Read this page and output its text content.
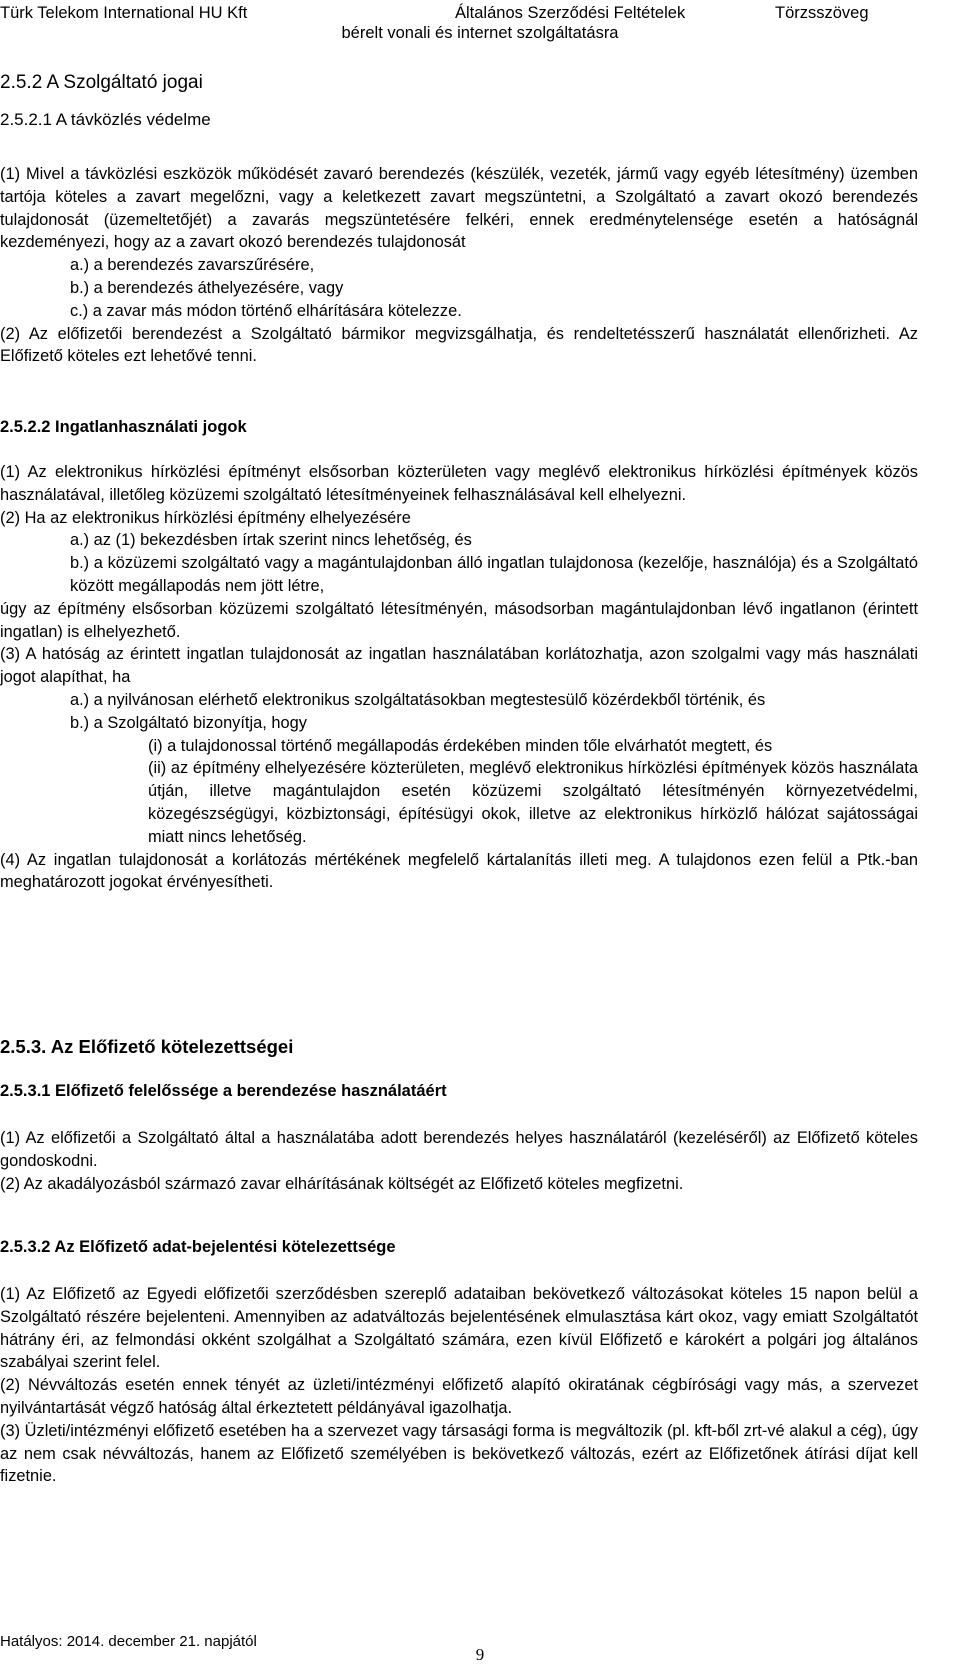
Türk Telekom International HU Kft	Általános Szerződési Feltételek	Törzsszöveg
bérelt vonali és internet szolgáltatásra
2.5.2 A Szolgáltató jogai
2.5.2.1 A távközlés védelme

(1) Mivel a távközlési eszközök működését zavaró berendezés (készülék, vezeték, jármű vagy egyéb létesítmény) üzemben tartója köteles a zavart megelőzni, vagy a keletkezett zavart megszüntetni, a Szolgáltató a zavart okozó berendezés tulajdonosát (üzemeltetőjét) a zavarás megszüntetésére felkéri, ennek eredménytelensége esetén a hatóságnál kezdeményezi, hogy az a zavart okozó berendezés tulajdonosát

a.) a berendezés zavarszűrésére,

b.) a berendezés áthelyezésére, vagy

c.) a zavar más módon történő elhárítására kötelezze.

(2) Az előfizetői berendezést a Szolgáltató bármikor megvizsgálhatja, és rendeltetésszerű használatát ellenőrizheti. Az Előfizető köteles ezt lehetővé tenni.

2.5.2.2 Ingatlanhasználati jogok

(1) Az elektronikus hírközlési építményt elsősorban közterületen vagy meglévő elektronikus hírközlési építmények közös használatával, illetőleg közüzemi szolgáltató létesítményeinek felhasználásával kell elhelyezni.

(2) Ha az elektronikus hírközlési építmény elhelyezésére

a.) az (1) bekezdésben írtak szerint nincs lehetőség, és

b.) a közüzemi szolgáltató vagy a magántulajdonban álló ingatlan tulajdonosa (kezelője, használója) és a Szolgáltató között megállapodás nem jött létre,

úgy az építmény elsősorban közüzemi szolgáltató létesítményén, másodsorban magántulajdonban lévő ingatlanon (érintett ingatlan) is elhelyezhető.

(3) A hatóság az érintett ingatlan tulajdonosát az ingatlan használatában korlátozhatja, azon szolgalmi vagy más használati jogot alapíthat, ha

a.) a nyilvánosan elérhető elektronikus szolgáltatásokban megtestesülő közérdekből történik, és

b.) a Szolgáltató bizonyítja, hogy

(i) a tulajdonossal történő megállapodás érdekében minden tőle elvárhatót megtett, és

(ii) az építmény elhelyezésére közterületen, meglévő elektronikus hírközlési építmények közös használata útján, illetve magántulajdon esetén közüzemi szolgáltató létesítményén környezetvédelmi, közegészségügyi, közbiztonsági, építésügyi okok, illetve az elektronikus hírközlő hálózat sajátosságai miatt nincs lehetőség.

(4) Az ingatlan tulajdonosát a korlátozás mértékének megfelelő kártalanítás illeti meg. A tulajdonos ezen felül a Ptk.-ban meghatározott jogokat érvényesítheti.

2.5.3. Az Előfizető kötelezettségei
2.5.3.1 Előfizető felelőssége a berendezése használatáért

(1) Az előfizetői a Szolgáltató által a használatába adott berendezés helyes használatáról (kezeléséről) az Előfizető köteles gondoskodni.

(2) Az akadályozásból származó zavar elhárításának költségét az Előfizető köteles megfizetni.

2.5.3.2 Az Előfizető adat-bejelentési kötelezettsége

(1) Az Előfizető az Egyedi előfizetői szerződésben szereplő adataiban bekövetkező változásokat köteles 15 napon belül a Szolgáltató részére bejelenteni. Amennyiben az adatváltozás bejelentésének elmulasztása kárt okoz, vagy emiatt Szolgáltatót hátrány éri, az felmondási okként szolgálhat a Szolgáltató számára, ezen kívül Előfizető e károkért a polgári jog általános szabályai szerint felel.

(2) Névváltozás esetén ennek tényét az üzleti/intézményi előfizető alapító okiratának cégbírósági vagy más, a szervezet nyilvántartását végző hatóság által érkeztetett példányával igazolhatja.

(3) Üzleti/intézményi előfizető esetében ha a szervezet vagy társasági forma is megváltozik (pl. kft-ből zrt-vé alakul a cég), úgy az nem csak névváltozás, hanem az Előfizető személyében is bekövetkező változás, ezért az Előfizetőnek átírási díjat kell fizetnie.

Hatályos: 2014. december 21. napjától
9
